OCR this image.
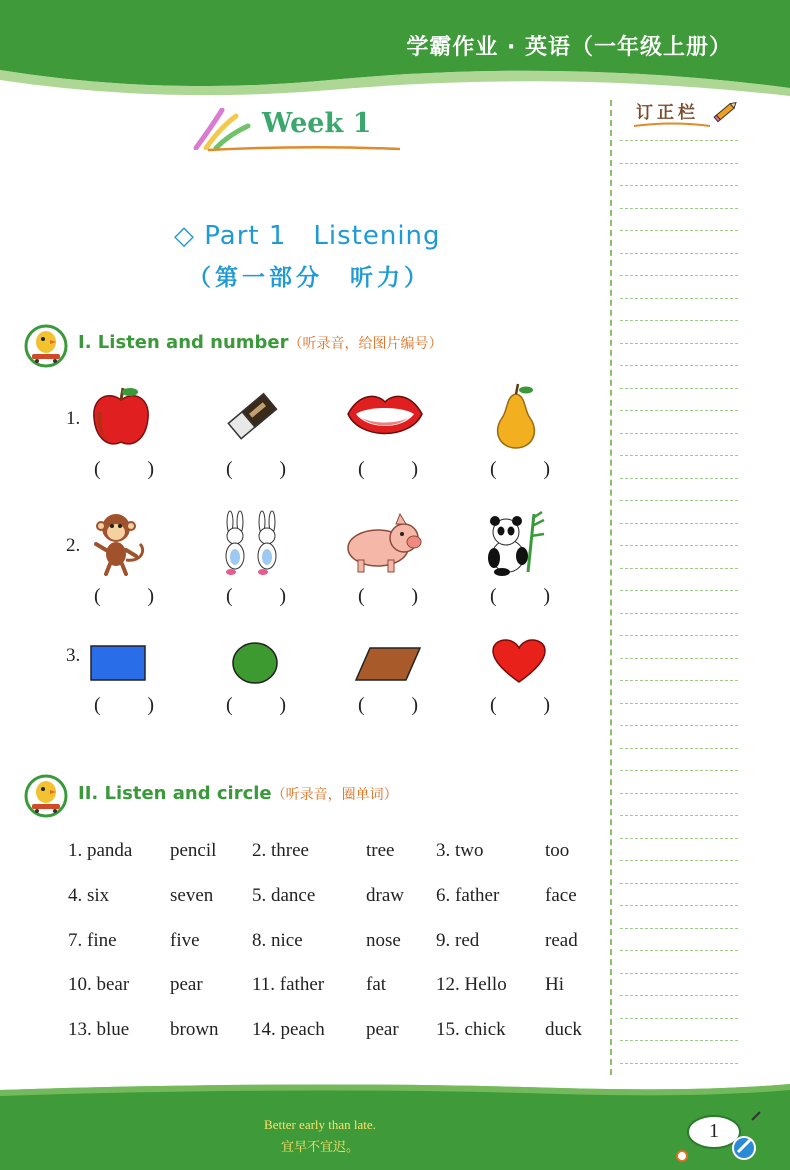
学霸作业 · 英语（一年级上册）
订正栏
Week 1
◇ Part 1　Listening
（第一部分　听力）
I. Listen and number（听录音，给图片编号）
1.
2.
3.
( )	( )	( )	( )
( )	( )	( )	( )
( )	( )	( )	( )
II. Listen and circle（听录音，圈单词）
1. panda pencil 2. three	tree 3. two	too
4. six	seven 5. dance	draw 6. father face
7. fine	five	8. nice	nose 9. red	read
10. bear pear	11. father fat	12. Hello Hi
13. blue brown 14. peach pear 15. chick duck
Better early than late.
宜早不宜迟。
1
